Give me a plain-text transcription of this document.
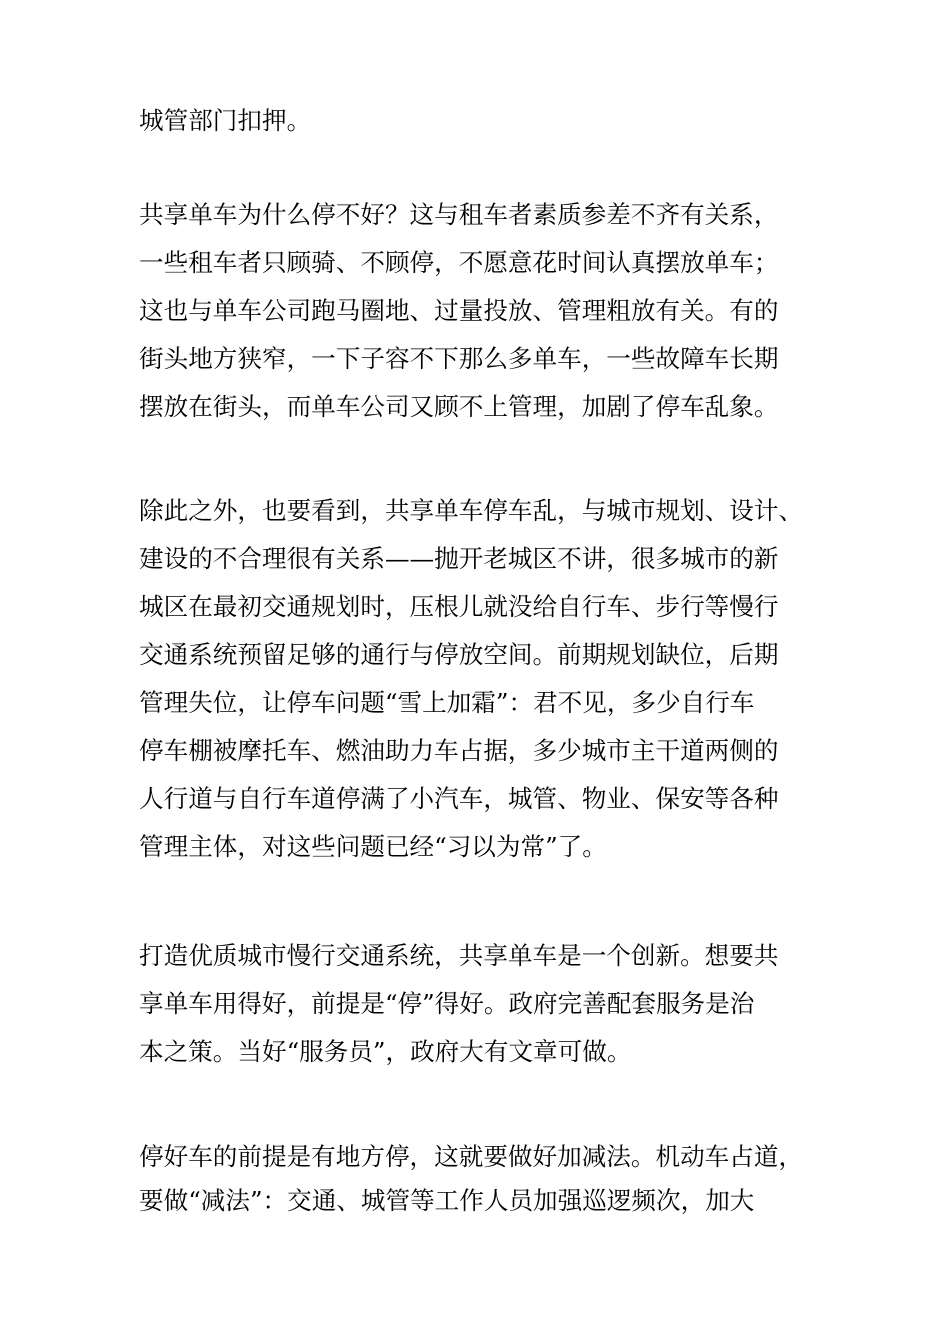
城管部门扣押。
共享单车为什么停不好？这与租车者素质参差不齐有关系，
一些租车者只顾骑、不顾停，不愿意花时间认真摆放单车；
这也与单车公司跑马圈地、过量投放、管理粗放有关。有的
街头地方狭窄，一下子容不下那么多单车，一些故障车长期
摆放在街头，而单车公司又顾不上管理，加剧了停车乱象。
除此之外，也要看到，共享单车停车乱，与城市规划、设计、
建设的不合理很有关系——抛开老城区不讲，很多城市的新
城区在最初交通规划时，压根儿就没给自行车、步行等慢行
交通系统预留足够的通行与停放空间。前期规划缺位，后期
管理失位，让停车问题“雪上加霜”：君不见，多少自行车
停车棚被摩托车、燃油助力车占据，多少城市主干道两侧的
人行道与自行车道停满了小汽车，城管、物业、保安等各种
管理主体，对这些问题已经“习以为常”了。
打造优质城市慢行交通系统，共享单车是一个创新。想要共
享单车用得好，前提是“停”得好。政府完善配套服务是治
本之策。当好“服务员”，政府大有文章可做。
停好车的前提是有地方停，这就要做好加减法。机动车占道，
要做“减法”：交通、城管等工作人员加强巡逻频次，加大
